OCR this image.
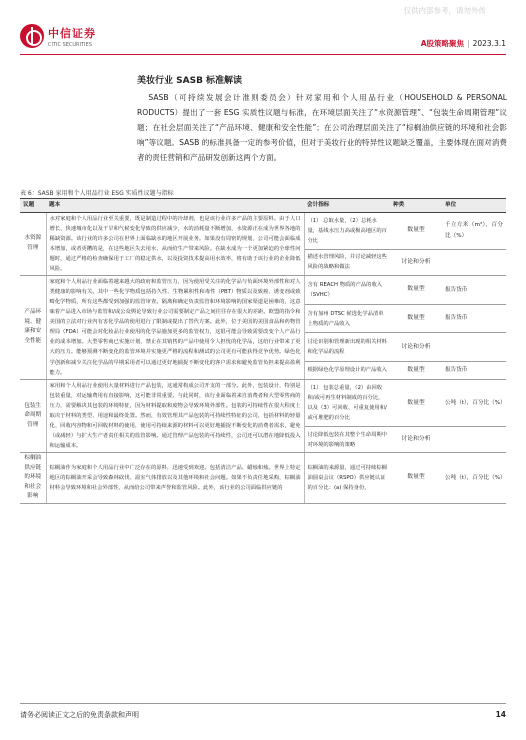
仅供内部参考，请勿外传
中信证券
CITIC SECURITIES	A股策略聚焦 | 2023.3.1
美妆行业 SASB 标准解读
SASB（可持续发展会计准则委员会）针对家用和个人用品行业（HOUSEHOLD & PERSONAL RODUCTS）提出了一套 ESG 实质性议题与标准，在环境层面关注了“水资源管理”、“包装生命周期管理”议题；在社会层面关注了“产品环境、健康和安全性能”；在公司治理层面关注了“棕榈油供应链的环境和社会影响”等议题。SASB 的标准具备一定的参考价值，但对于美妆行业的特异性议题缺乏覆盖，主要体现在面对消费者的责任营销和产品研发创新这两个方面。
表 6：SASB 家用和个人用品行业 ESG 实质性议题与指标
议题	题本	会计指标	种类	单位
水资源管理	水对家庭和个人用品行业至关重要，既是制造过程中的冷却剂，也是该行业许多产品的主要原料。由于人口增长、快速城市化以及干旱和气候变化导致的供应减少，水的消耗量不断增加，水资源正在成为世界各地的稀缺资源。该行业的许多公司在世界上面临缺水的地区开展业务。如果没有周密的规划，公司可能会面临成本增加，或者更糟的是，在这些地区失去用水，从而给生产带来风险。在缺水成为一个更加紧迫的全球性问题时，通过严格的检查确保用于工厂的稳定供水，以及投资技术提高用水效率，将有助于该行业的企业降低风险。	（1） 总取水量，（2）总耗水量，基线水压力高或极高地区的百分比	数量型	千立方米（m³），百分比（%）
		描述水管理风险，并讨论减轻这些风险的战略和做法	讨论和分析	
产品环境、健康和安全性能	家庭和个人用品行业面临着越来越大的政府和监管压力，因为使用受关注的化学品与负面环境外部性和对人类健康的影响有关。其中一些化学物质包括持久性、生物累积性和毒性（PBT）物质以及致癌、诱变剂或致畸化学物质，所有这些都受到加强的监管审查。隔离和确定负责监管和环境影响的国家渠道是困难的，这意味着产品进入市场与监管和/或公众舆论导致行业公司需要制定产品之间往往存在很大的差距。欧盟的指令和美国的立法对行业内有害化学品的使用进行了限制或提出了替代方案。此外，位于美国的美国食品和药物管理局（FDA）可能会对化妆品行业使用的化学品施加更多的监管权力，这很可能会导致需要改变个人产品行业的成本增加。大型零售商已实施计划，禁止在其销售的产品中使用令人担忧的化学品，这给行业带来了更大的压力。能够预测不断变化的监管环境并实施更严格的流程和测试的公司更有可能获得竞争优势。绿色化学创新和减少关注化学品的早期采用者可以通过更好地捕捉不断变化的客户需求和避免监管负担来提高盈利能力。	含有 REACH 物质的产品的收入（SVHC）	数量型	报告货币
		含有加州 DTSC 候选化学品清单上物质的产品收入	数量型	报告货币
		讨论识别和管理新出现的相关材料和化学品的流程	讨论和分析	
		根据绿色化学原理设计的产品收入	数量型	报告货币
包装生命周期管理	家用和个人用品行业使用大量材料进行产品包装，这通常构成公司开支的一部分。此外，包装设计，特别是包装重量，对运输费用有直接影响，这可能非常重要。与此同时，该行业面临着来自消费者和大型零售商的压力，需要解决其包装的环境特征，因为材料提取和废物会导致环境外部性。包装的可持续性在很大程度上取决于材料的类型、用途和最终处置。然而，有效管理其产品包装的可持续性特征的公司，包括材料的轻量化、回收内容物和可回收材料的使用，使用可持续来源的材料可以更好地捕捉不断变化的消费者需求，避免（或减轻）与扩大生产者责任相关的监管影响。通过管理产品包装的可持续性，公司还可以潜在地降低投入和运输成本。	（1） 包装总重量，（2）由回收和/或可再生材料制成的百分比，以及（3）可回收、可重复使用和/或可堆肥的百分比	数量型	公吨（t），百分比（%）
		讨论降低包装在其整个生命周期中对环境的影响的策略	讨论和分析	
棕榈油供应链的环境和社会影响	棕榈油作为家庭和个人用品行业中广泛存在的原料，迅速受到欢迎。包括清洁产品、蜡烛和烛。世界上特定地区的棕榈油开采会导致森林砍伐、温室气体排放以及其他环境和社会问题。如果不负责任地采购，棕榈油材料会导致环境和社会外部性，从而给公司带来声誉和监管风险。此外，该行业的公司面临供应链的	棕榈油的来源量，通过可持续棕榈油圆桌会议（RSPO）供应链认证的百分比：(a) 保持身份，	数量型	公吨（t），百分比（%）
请务必阅读正文之后的免责条款和声明	14
